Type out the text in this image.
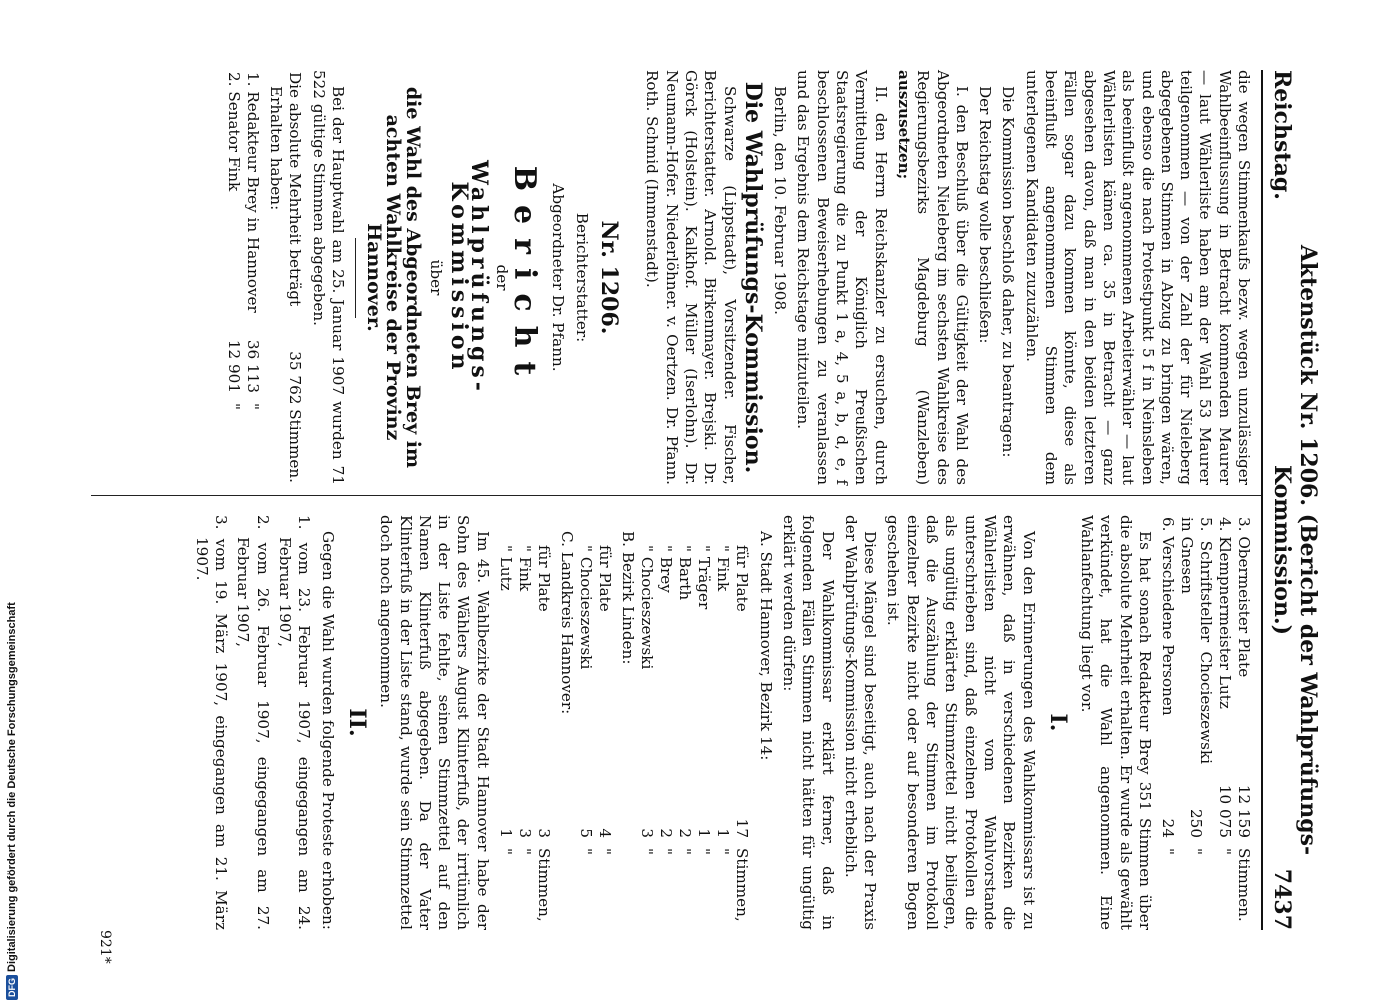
Reichstag.
Aktenstück Nr. 1206. (Bericht der Wahlprüfungs-Kommission.)
7437

die wegen Stimmenkaufs bezw. wegen unzulässiger Wahlbeeinflussung in Betracht kommenden Maurer — laut Wählerliste haben am der Wahl 53 Maurer teilgenommen — von der Zahl der für Nieleberg abgegebenen Stimmen in Abzug zu bringen wären, und ebenso die nach Protestpunkt 5 f in Neinsleben als beeinflußt angenommenen Arbeiterwähler — laut Wählerlisten kämen ca. 35 in Betracht — ganz abgesehen davon, daß man in den beiden letzteren Fällen sogar dazu kommen könnte, diese als beeinflußt angenommenen Stimmen dem unterlegenen Kandidaten zuzuzählen.

Die Kommission beschloß daher, zu beantragen:

Der Reichstag wolle beschließen:

I. den Beschluß über die Gültigkeit der Wahl des Abgeordneten Nieleberg im sechsten Wahlkreise des Regierungsbezirks Magdeburg (Wanzleben) auszusetzen;

II. den Herrn Reichskanzler zu ersuchen, durch Vermittelung der Königlich Preußischen Staatsregierung die zu Punkt 1 a, 4, 5 a, b, d, e, f beschlossenen Beweiserhebungen zu veranlassen und das Ergebnis dem Reichstage mitzuteilen.

Berlin, den 10. Februar 1908.

Die Wahlprüfungs-Kommission.

Schwarze (Lippstadt), Vorsitzender. Fischer, Berichterstatter. Arnold. Birkenmayer. Brejski. Dr. Görck (Holstein). Kalkhof. Müller (Iserlohn). Dr. Neumann-Hofer. Niederlöhner. v. Oertzen. Dr. Pfann. Roth. Schmid (Immenstadt).

Nr. 1206.

Berichterstatter:

Abgeordneter Dr. Pfann.

Bericht

der

Wahlprüfungs-Kommission

über

die Wahl des Abgeordneten Brey im achten Wahlkreise der Provinz Hannover.

Bei der Hauptwahl am 25. Januar 1907 wurden 71 522 gültige Stimmen abgegeben.

Die absolute Mehrheit beträgt	35 762 Stimmen.

Erhalten haben:

1. Redakteur Brey in Hannover	36 113	"
2. Senator Fink	12 901	"
3. Obermeister Plate	12 159	Stimmen.
4. Klempnermeister Lutz	10 075	"
5. Schriftsteller Chocieszewski in Gnesen	250	"
6. Verschiedene Personen	24	"

Es hat sonach Redakteur Brey 351 Stimmen über die absolute Mehrheit erhalten. Er wurde als gewählt verkündet, hat die Wahl angenommen. Eine Wahlanfechtung liegt vor.

I.

Von den Erinnerungen des Wahlkommissars ist zu erwähnen, daß in verschiedenen Bezirken die Wählerlisten nicht vom Wahlvorstande unterschrieben sind, daß einzelnen Protokollen die als ungültig erklärten Stimmzettel nicht beiliegen, daß die Auszählung der Stimmen im Protokoll einzelner Bezirke nicht oder auf besonderen Bogen geschehen ist.

Diese Mängel sind beseitigt, auch nach der Praxis der Wahlprüfungs-Kommission nicht erheblich.

Der Wahlkommissar erklärt ferner, daß in folgenden Fällen Stimmen nicht hätten für ungültig erklärt werden dürfen:

A. Stadt Hannover, Bezirk 14:

für Plate	17	Stimmen,
" Fink	1	"
" Träger	1	"
" Barth	2	"
" Brey	2	"
" Chocieszewski	3	"

B. Bezirk Linden:

für Plate	4	"
" Chocieszewski	5	"

C. Landkreis Hannover:

für Plate	3	Stimmen,
" Fink	3	"
" Lutz	1	"

Im 45. Wahlbezirke der Stadt Hannover habe der Sohn des Wählers August Klinterfuß, der irrtümlich in der Liste fehlte, seinen Stimmzettel auf den Namen Klinterfuß abgegeben. Da der Vater Klinterfuß in der Liste stand, wurde sein Stimmzettel doch noch angenommen.

II.

Gegen die Wahl wurden folgende Proteste erhoben:

1. vom 23. Februar 1907, eingegangen am 24. Februar 1907,
2. vom 26. Februar 1907, eingegangen am 27. Februar 1907,
3. vom 19. März 1907, eingegangen am 21. März 1907.
921*
DFGDigitalisierung gefördert durch die Deutsche Forschungsgemeinschaft
